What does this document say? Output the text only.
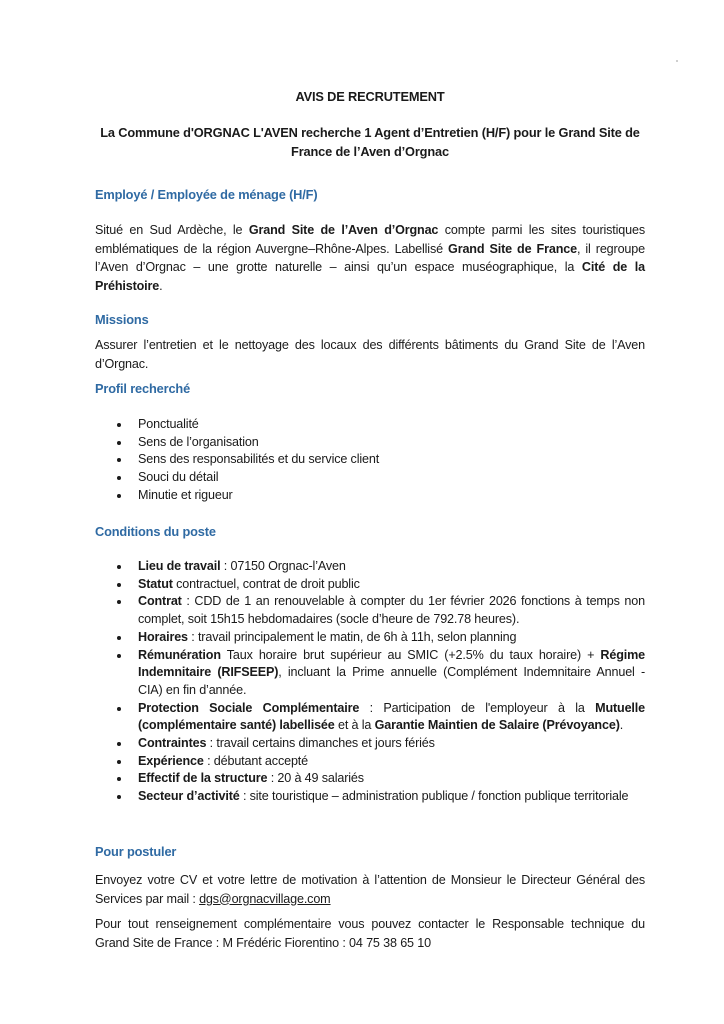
AVIS DE RECRUTEMENT
La Commune d'ORGNAC L'AVEN recherche 1 Agent d’Entretien (H/F) pour le Grand Site de
France de l’Aven d’Orgnac
Employé / Employée de ménage (H/F)
Situé en Sud Ardèche, le Grand Site de l’Aven d’Orgnac compte parmi les sites touristiques emblématiques de la région Auvergne–Rhône-Alpes. Labellisé Grand Site de France, il regroupe l’Aven d’Orgnac – une grotte naturelle – ainsi qu’un espace muséographique, la Cité de la Préhistoire.
Missions
Assurer l’entretien et le nettoyage des locaux des différents bâtiments du Grand Site de l’Aven d’Orgnac.
Profil recherché
Ponctualité
Sens de l’organisation
Sens des responsabilités et du service client
Souci du détail
Minutie et rigueur
Conditions du poste
Lieu de travail : 07150 Orgnac-l’Aven
Statut contractuel, contrat de droit public
Contrat : CDD de 1 an renouvelable à compter du 1er février 2026 fonctions à temps non complet, soit 15h15 hebdomadaires (socle d’heure de 792.78 heures).
Horaires : travail principalement le matin, de 6h à 11h, selon planning
Rémunération Taux horaire brut supérieur au SMIC (+2.5% du taux horaire) + Régime Indemnitaire (RIFSEEP), incluant la Prime annuelle (Complément Indemnitaire Annuel - CIA) en fin d’année.
Protection Sociale Complémentaire : Participation de l'employeur à la Mutuelle (complémentaire santé) labellisée et à la Garantie Maintien de Salaire (Prévoyance).
Contraintes : travail certains dimanches et jours fériés
Expérience : débutant accepté
Effectif de la structure : 20 à 49 salariés
Secteur d’activité : site touristique – administration publique / fonction publique territoriale
Pour postuler
Envoyez votre CV et votre lettre de motivation à l’attention de Monsieur le Directeur Général des Services par mail : dgs@orgnacvillage.com
Pour tout renseignement complémentaire vous pouvez contacter le Responsable technique du Grand Site de France : M Frédéric Fiorentino : 04 75 38 65 10
